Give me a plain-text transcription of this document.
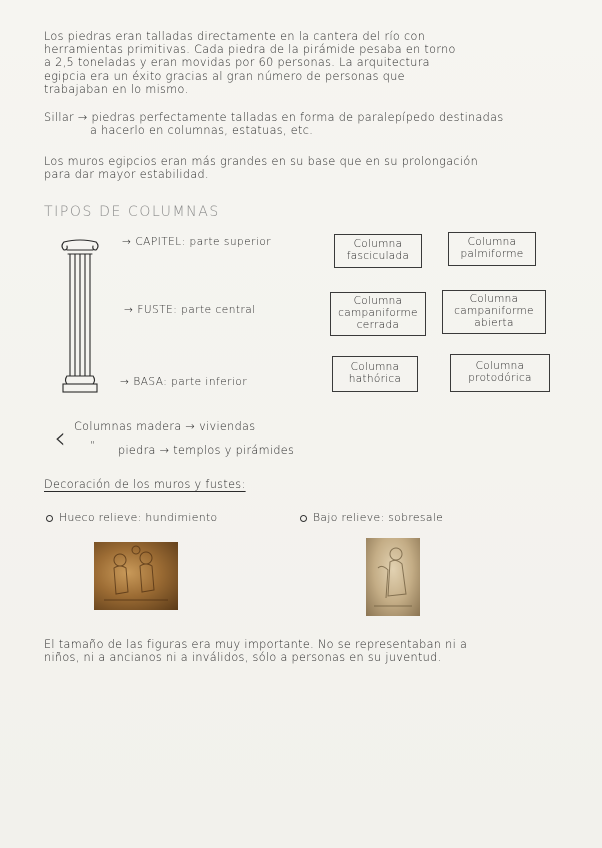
Los piedras eran talladas directamente en la cantera del río con
herramientas primitivas. Cada piedra de la pirámide pesaba en torno
a 2,5 toneladas y eran movidas por 60 personas. La arquitectura
egipcia era un éxito gracias al gran número de personas que
trabajaban en lo mismo.
Sillar → piedras perfectamente talladas en forma de paralepípedo destinadas
a hacerlo en columnas, estatuas, etc.
Los muros egipcios eran más grandes en su base que en su prolongación
para dar mayor estabilidad.
TIPOS DE COLUMNAS
→ CAPITEL: parte superior
→ FUSTE: parte central
→ BASA: parte inferior
Columna
fasciculada
Columna
palmiforme
Columna
campaniforme
cerrada
Columna
campaniforme
abierta
Columna
hathórica
Columna
protodórica
‹ Columnas madera → viviendas
" piedra → templos y pirámides
Decoración de los muros y fustes:
Hueco relieve: hundimiento	Bajo relieve: sobresale
El tamaño de las figuras era muy importante. No se representaban ni a
niños, ni a ancianos ni a inválidos, sólo a personas en su juventud.
